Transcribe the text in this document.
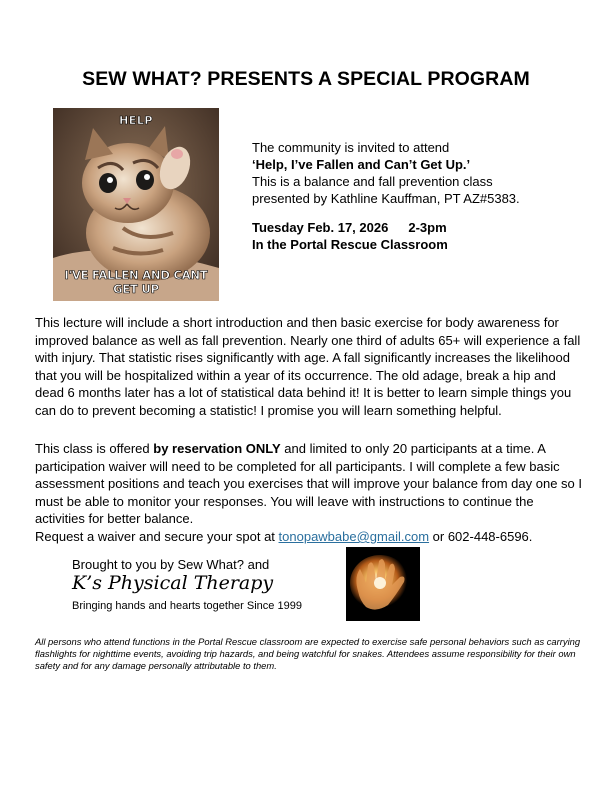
SEW WHAT? PRESENTS A SPECIAL PROGRAM
HELP
I'VE FALLEN AND CANT GET UP
The community is invited to attend
‘Help, I’ve Fallen and Can’t Get Up.’
This is a balance and fall prevention class
presented by Kathline Kauffman, PT AZ#5383.
Tuesday Feb. 17, 2026 2-3pm
In the Portal Rescue Classroom
This lecture will include a short introduction and then basic exercise for body awareness for improved balance as well as fall prevention. Nearly one third of adults 65+ will experience a fall with injury. That statistic rises significantly with age. A fall significantly increases the likelihood that you will be hospitalized within a year of its occurrence. The old adage, break a hip and dead 6 months later has a lot of statistical data behind it! It is better to learn simple things you can do to prevent becoming a statistic! I promise you will learn something helpful.
This class is offered by reservation ONLY and limited to only 20 participants at a time. A participation waiver will need to be completed for all participants. I will complete a few basic assessment positions and teach you exercises that will improve your balance from day one so I must be able to monitor your responses. You will leave with instructions to continue the activities for better balance.
Request a waiver and secure your spot at tonopawbabe@gmail.com or 602-448-6596.
Brought to you by Sew What? and
K’s Physical Therapy
Bringing hands and hearts together Since 1999
All persons who attend functions in the Portal Rescue classroom are expected to exercise safe personal behaviors such as carrying flashlights for nighttime events, avoiding trip hazards, and being watchful for snakes. Attendees assume responsibility for their own safety and for any damage personally attributable to them.
